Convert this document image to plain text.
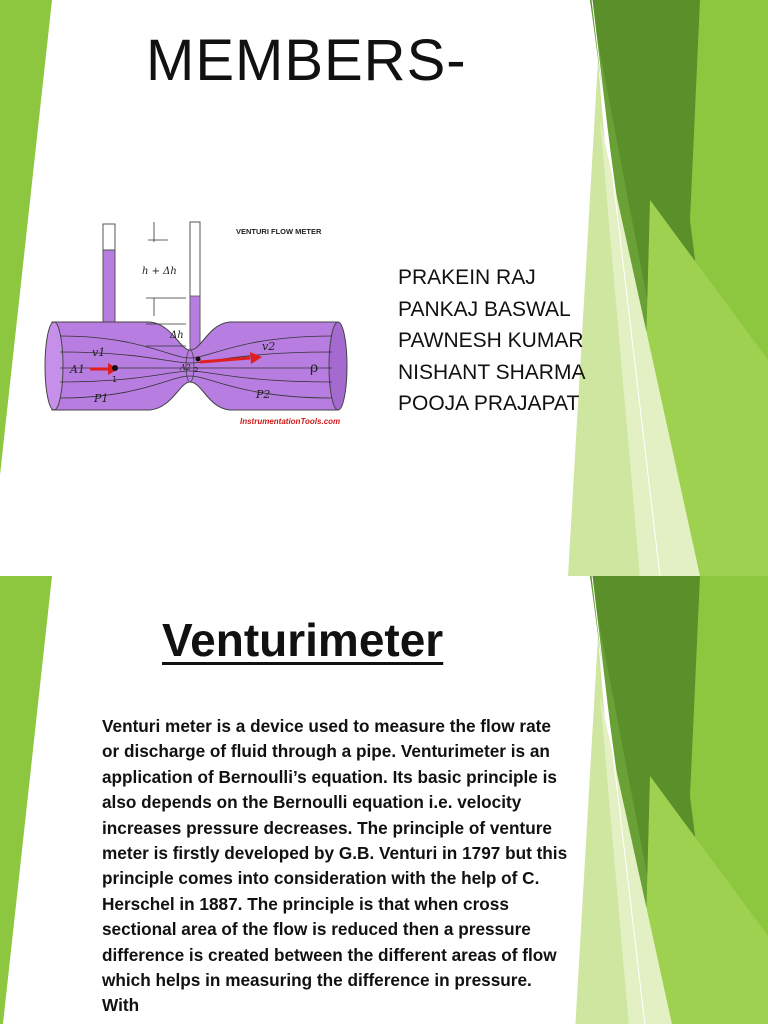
MEMBERS-
VENTURI FLOW METER
h + Δh
Δh
v1	v2
A1	A2
P1	P2
ρ
1
2
InstrumentationTools.com
PRAKEIN RAJ
PANKAJ BASWAL
PAWNESH KUMAR
NISHANT SHARMA
POOJA PRAJAPAT
Venturimeter

Venturi meter is a device used to measure the flow rate or discharge of fluid through a pipe. Venturimeter is an application of Bernoulli’s equation. Its basic principle is also depends on the Bernoulli equation i.e. velocity increases pressure decreases. The principle of venture meter is firstly developed by G.B. Venturi in 1797 but this principle comes into consideration with the help of C. Herschel in 1887. The principle is that when cross sectional area of the flow is reduced then a pressure difference is created between the different areas of flow which helps in measuring the difference in pressure. With
